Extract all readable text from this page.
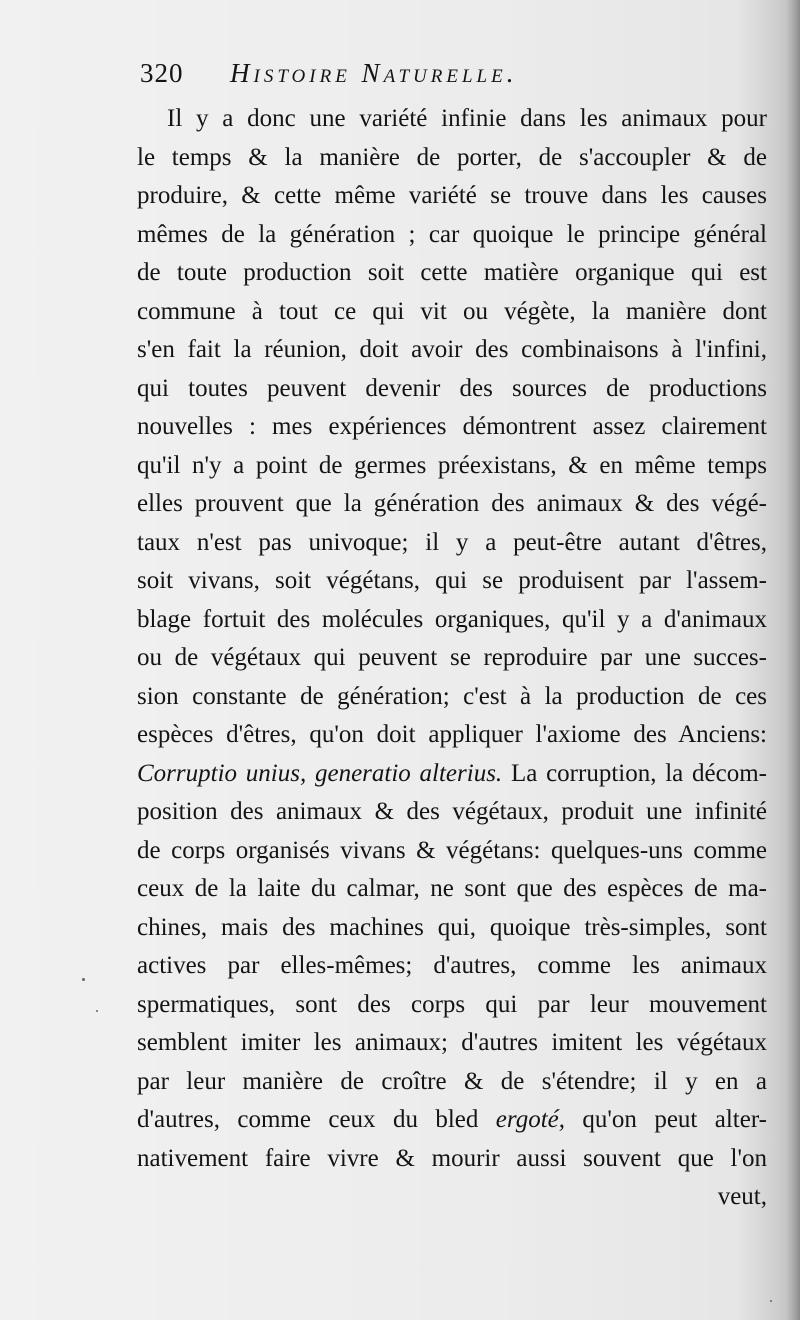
320 Histoire Naturelle.
Il y a donc une variété infinie dans les animaux pour
le temps & la manière de porter, de s'accoupler & de
produire, & cette même variété se trouve dans les causes
mêmes de la génération ; car quoique le principe général
de toute production soit cette matière organique qui est
commune à tout ce qui vit ou végète, la manière dont
s'en fait la réunion, doit avoir des combinaisons à l'infini,
qui toutes peuvent devenir des sources de productions
nouvelles : mes expériences démontrent assez clairement
qu'il n'y a point de germes préexistans, & en même temps
elles prouvent que la génération des animaux & des végé-
taux n'est pas univoque; il y a peut-être autant d'êtres,
soit vivans, soit végétans, qui se produisent par l'assem-
blage fortuit des molécules organiques, qu'il y a d'animaux
ou de végétaux qui peuvent se reproduire par une succes-
sion constante de génération; c'est à la production de ces
espèces d'êtres, qu'on doit appliquer l'axiome des Anciens:
Corruptio unius, generatio alterius. La corruption, la décom-
position des animaux & des végétaux, produit une infinité
de corps organisés vivans & végétans: quelques-uns comme
ceux de la laite du calmar, ne sont que des espèces de ma-
chines, mais des machines qui, quoique très-simples, sont
actives par elles-mêmes; d'autres, comme les animaux
spermatiques, sont des corps qui par leur mouvement
semblent imiter les animaux; d'autres imitent les végétaux
par leur manière de croître & de s'étendre; il y en a
d'autres, comme ceux du bled ergoté, qu'on peut alter-
nativement faire vivre & mourir aussi souvent que l'on
veut,
